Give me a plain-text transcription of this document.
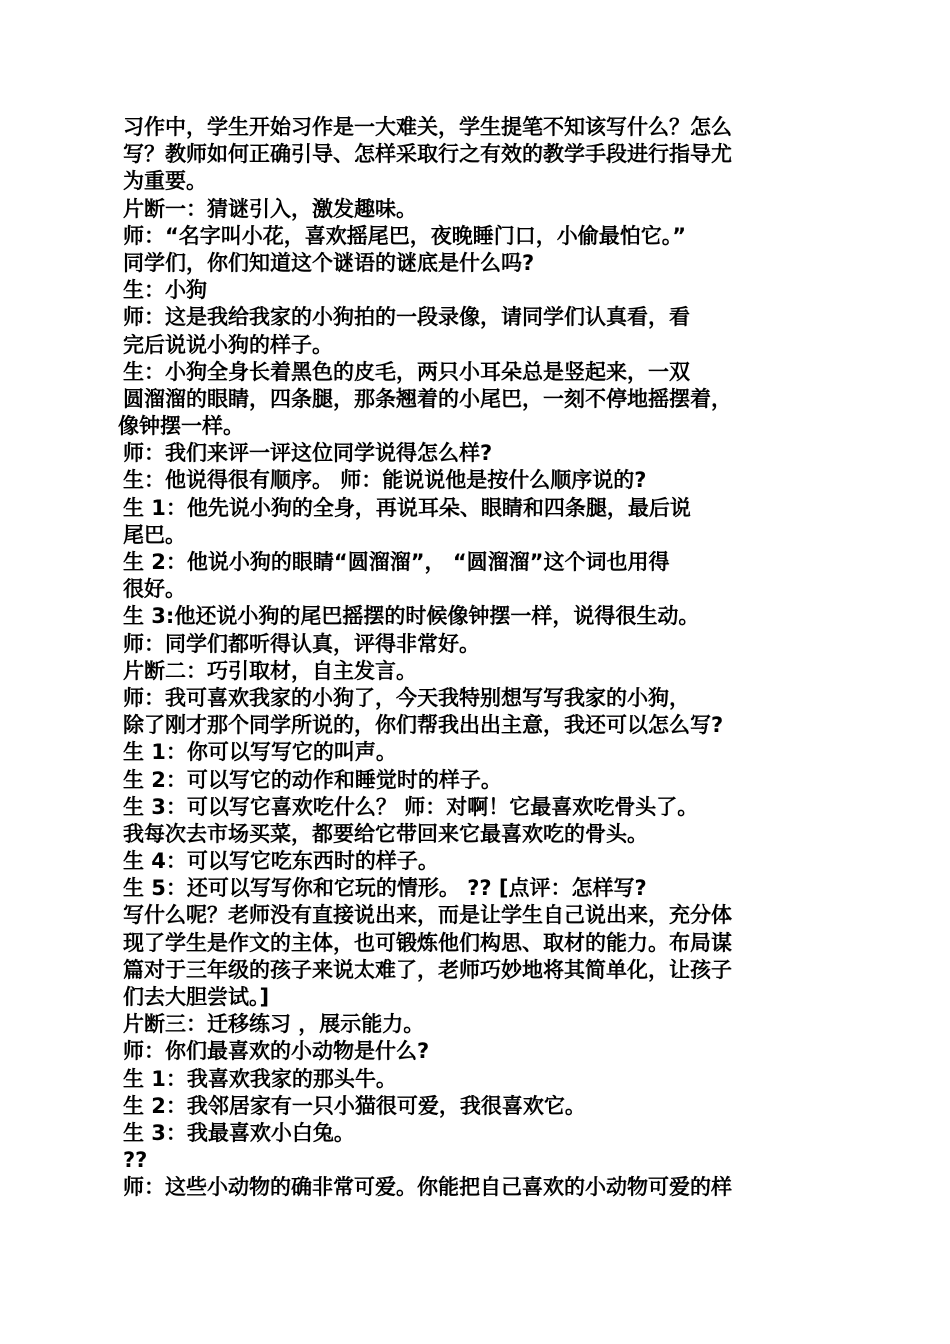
习作中，学生开始习作是一大难关，学生提笔不知该写什么？怎么
写？教师如何正确引导、怎样采取行之有效的教学手段进行指导尤
为重要。
片断一：猜谜引入，激发趣味。
师：“名字叫小花，喜欢摇尾巴，夜晚睡门口，小偷最怕它。”
同学们，你们知道这个谜语的谜底是什么吗?
生：小狗
师：这是我给我家的小狗拍的一段录像，请同学们认真看，看
完后说说小狗的样子。
生：小狗全身长着黑色的皮毛，两只小耳朵总是竖起来，一双
圆溜溜的眼睛，四条腿，那条翘着的小尾巴，一刻不停地摇摆着，
像钟摆一样。
师：我们来评一评这位同学说得怎么样?
生：他说得很有顺序。 师：能说说他是按什么顺序说的?
生 1：他先说小狗的全身，再说耳朵、眼睛和四条腿，最后说
尾巴。
生 2：他说小狗的眼睛“圆溜溜”， “圆溜溜”这个词也用得
很好。
生 3:他还说小狗的尾巴摇摆的时候像钟摆一样，说得很生动。
师：同学们都听得认真，评得非常好。
片断二：巧引取材，自主发言。
师：我可喜欢我家的小狗了，今天我特别想写写我家的小狗，
除了刚才那个同学所说的，你们帮我出出主意，我还可以怎么写?
生 1：你可以写写它的叫声。
生 2：可以写它的动作和睡觉时的样子。
生 3：可以写它喜欢吃什么？ 师：对啊！它最喜欢吃骨头了。
我每次去市场买菜，都要给它带回来它最喜欢吃的骨头。
生 4：可以写它吃东西时的样子。
生 5：还可以写写你和它玩的情形。 ?? [点评：怎样写?
写什么呢？老师没有直接说出来，而是让学生自己说出来，充分体
现了学生是作文的主体，也可锻炼他们构思、取材的能力。布局谋
篇对于三年级的孩子来说太难了，老师巧妙地将其简单化，让孩子
们去大胆尝试。]
片断三：迁移练习 ，展示能力。
师：你们最喜欢的小动物是什么?
生 1：我喜欢我家的那头牛。
生 2：我邻居家有一只小猫很可爱，我很喜欢它。
生 3：我最喜欢小白兔。
??
师：这些小动物的确非常可爱。你能把自己喜欢的小动物可爱的样
